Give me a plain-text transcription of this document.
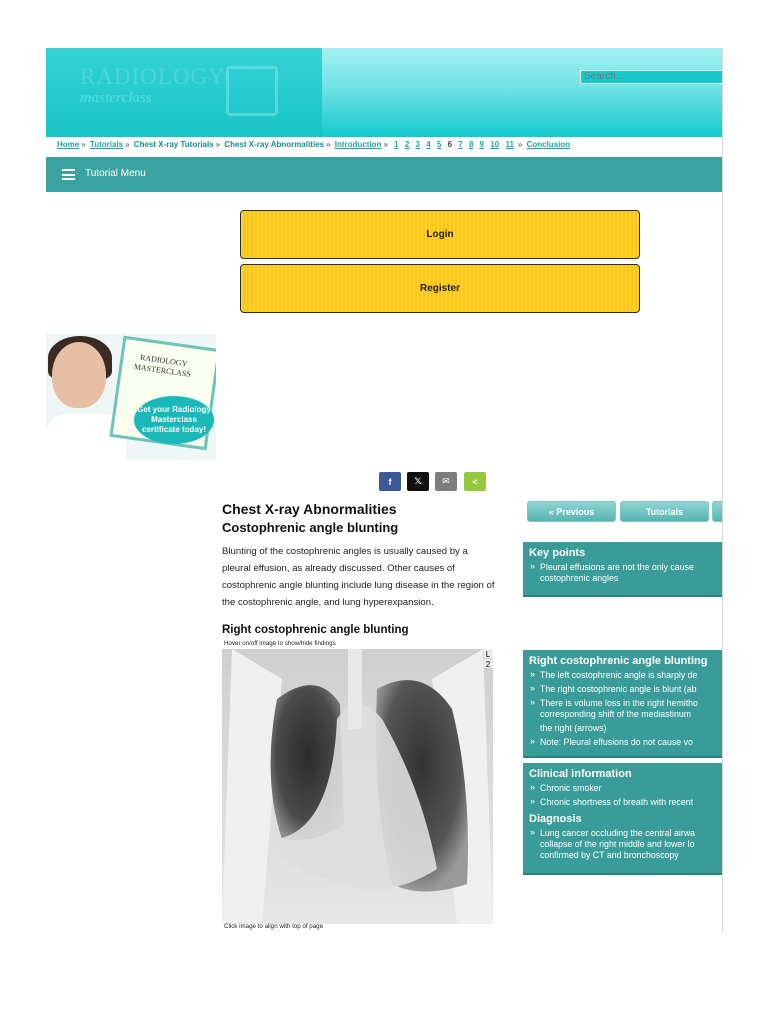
RADIOLOGY
masterclass
Search...
Home » Tutorials » Chest X-ray Tutorials » Chest X-ray Abnormalities » Introduction » 1 2 3 4 5 6 7 8 9 10 11 » Conclusion
Tutorial Menu
Login
Register
RADIOLOGY MASTERCLASS
Get your Radiology Masterclass certificate today!
f	𝕏	✉	<
Chest X-ray Abnormalities
Costophrenic angle blunting
Blunting of the costophrenic angles is usually caused by a pleural effusion, as already discussed. Other causes of costophrenic angle blunting include lung disease in the region of the costophrenic angle, and lung hyperexpansion.
Right costophrenic angle blunting
Hover on/off image to show/hide findings
L
2
Click image to align with top of page
« Previous	Tutorials
Key points
» Pleural effusions are not the only cause
costophrenic angles
Right costophrenic angle blunting
» The left costophrenic angle is sharply de
» The right costophrenic angle is blunt (ab
» There is volume loss in the right hemitho
corresponding shift of the mediastinum
the right (arrows)
» Note: Pleural effusions do not cause vo
Clinical information
» Chronic smoker
» Chronic shortness of breath with recent
Diagnosis
» Lung cancer occluding the central airwa
collapse of the right middle and lower lo
confirmed by CT and bronchoscopy
